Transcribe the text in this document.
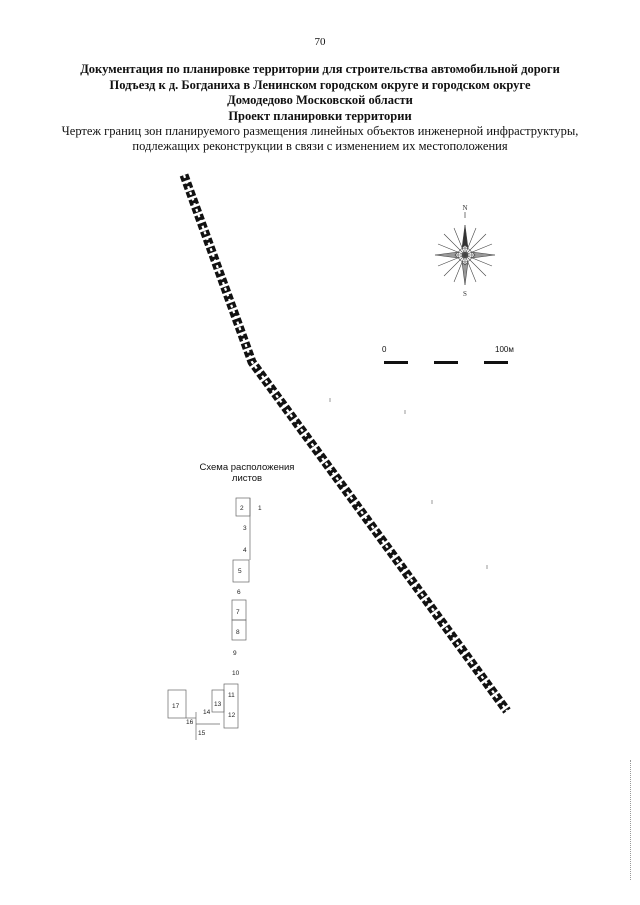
70
Документация по планировке территории для строительства автомобильной дороги
Подъезд к д. Богданиха в Ленинском городском округе и городском округе
Домодедово Московской области
Проект планировки территории
Чертеж границ зон планируемого размещения линейных объектов инженерной инфраструктуры,
подлежащих реконструкции в связи с изменением их местоположения
N
S
0	100м
Схема расположения
листов
1
2
3
4
5
6
7
8
9
10
11
12
13
14
15
16
17
